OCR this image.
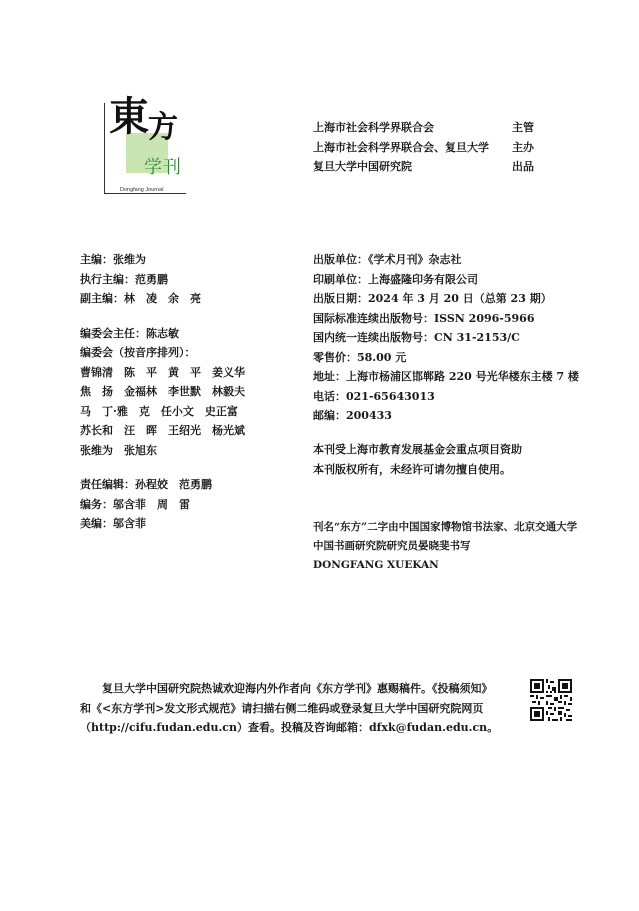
東 方
学刊
Dongfang Journal
上海市社会科学界联合会	主管
上海市社会科学界联合会、复旦大学 主办
复旦大学中国研究院	出品
主编：张维为
执行主编：范勇鹏
副主编：林　凌　余　亮
编委会主任：陈志敏
编委会（按音序排列）：
曹锦清　陈　平　黄　平　姜义华
焦　扬　金福林　李世默　林毅夫
马　丁·雅　克　任小文　史正富
苏长和　汪　晖　王绍光　杨光斌
张维为　张旭东
责任编辑：孙程姣　范勇鹏
编务：邬含菲　周　雷
美编：邬含菲
出版单位：《学术月刊》杂志社
印刷单位：上海盛隆印务有限公司
出版日期：2024 年 3 月 20 日（总第 23 期）
国际标准连续出版物号：ISSN 2096-5966
国内统一连续出版物号：CN 31-2153/C
零售价：58.00 元
地址：上海市杨浦区邯郸路 220 号光华楼东主楼 7 楼
电话：021-65643013
邮编：200433
本刊受上海市教育发展基金会重点项目资助
本刊版权所有，未经许可请勿擅自使用。
刊名“东方”二字由中国国家博物馆书法家、北京交通大学
中国书画研究院研究员晏晓斐书写
DONGFANG XUEKAN

复旦大学中国研究院热诚欢迎海内外作者向《东方学刊》惠赐稿件。《投稿须知》

和《<东方学刊>发文形式规范》请扫描右侧二维码或登录复旦大学中国研究院网页

（http://cifu.fudan.edu.cn）查看。投稿及咨询邮箱：dfxk@fudan.edu.cn。
